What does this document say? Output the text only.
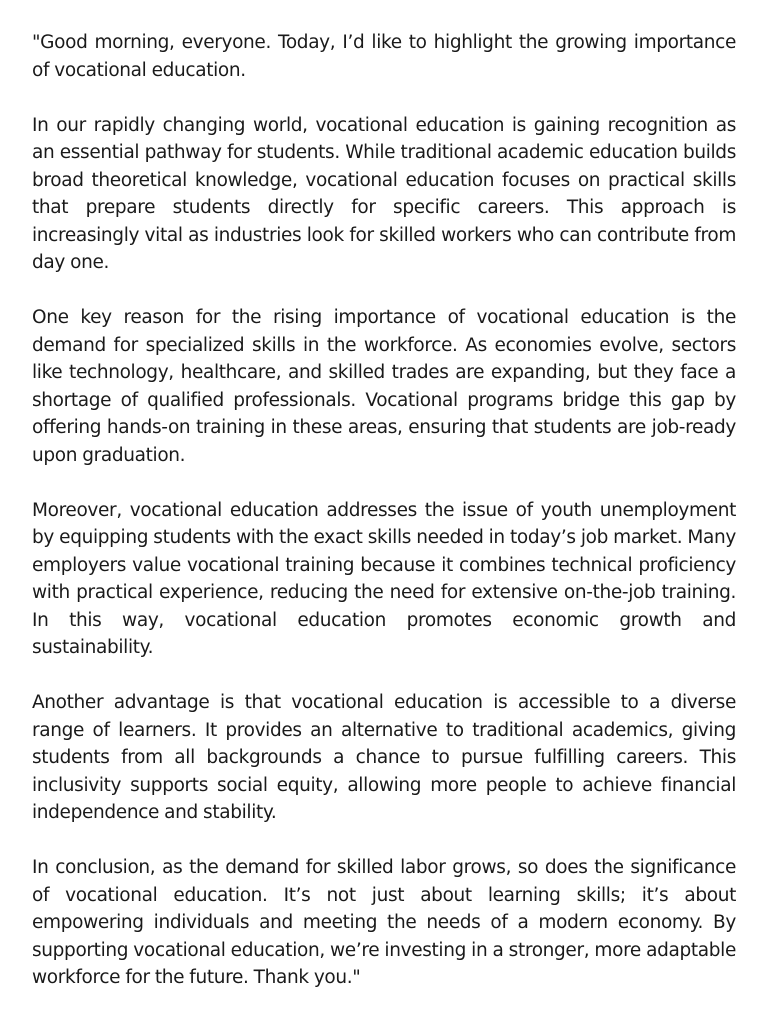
"Good morning, everyone. Today, I’d like to highlight the growing importance of vocational education.

In our rapidly changing world, vocational education is gaining recognition as an essential pathway for students. While traditional academic education builds broad theoretical knowledge, vocational education focuses on practical skills that prepare students directly for specific careers. This approach is increasingly vital as industries look for skilled workers who can contribute from day one.

One key reason for the rising importance of vocational education is the demand for specialized skills in the workforce. As economies evolve, sectors like technology, healthcare, and skilled trades are expanding, but they face a shortage of qualified professionals. Vocational programs bridge this gap by offering hands-on training in these areas, ensuring that students are job-ready upon graduation.

Moreover, vocational education addresses the issue of youth unemployment by equipping students with the exact skills needed in today’s job market. Many employers value vocational training because it combines technical proficiency with practical experience, reducing the need for extensive on-the-job training. In this way, vocational education promotes economic growth and sustainability.

Another advantage is that vocational education is accessible to a diverse range of learners. It provides an alternative to traditional academics, giving students from all backgrounds a chance to pursue fulfilling careers. This inclusivity supports social equity, allowing more people to achieve financial independence and stability.

In conclusion, as the demand for skilled labor grows, so does the significance of vocational education. It’s not just about learning skills; it’s about empowering individuals and meeting the needs of a modern economy. By supporting vocational education, we’re investing in a stronger, more adaptable workforce for the future. Thank you."
